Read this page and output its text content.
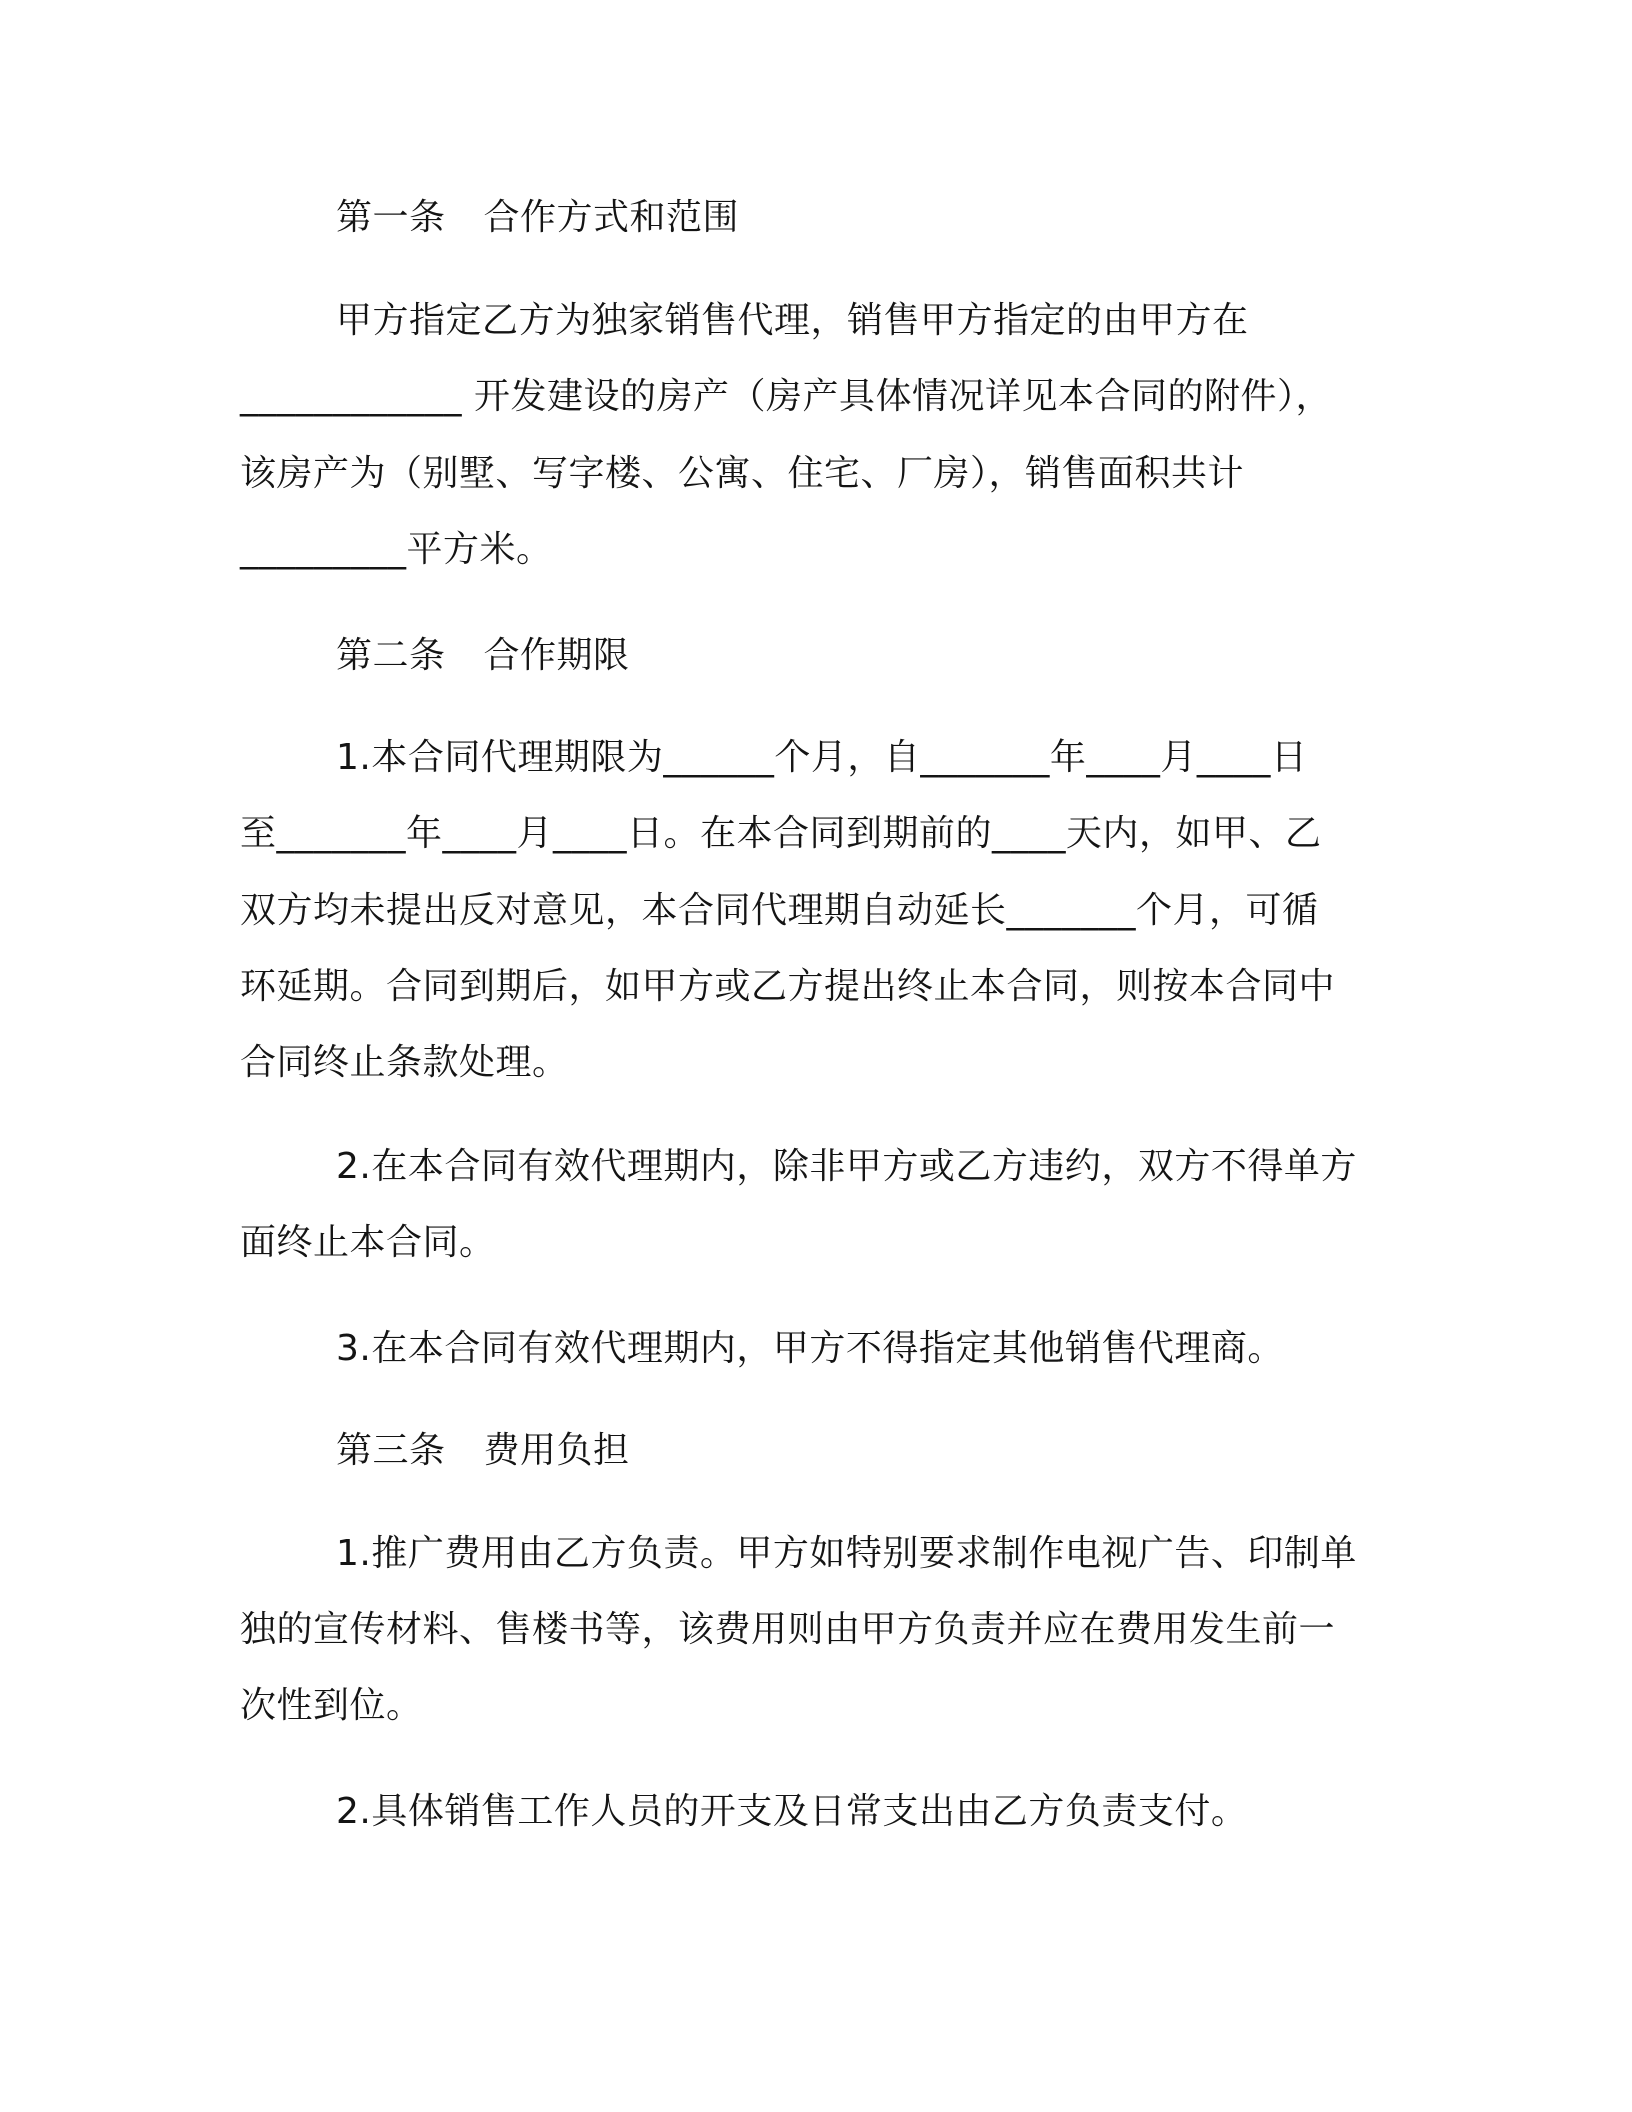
第一条 合作方式和范围
甲方指定乙方为独家销售代理，销售甲方指定的由甲方在
____________ 开发建设的房产（房产具体情况详见本合同的附件），
该房产为（别墅、写字楼、公寓、住宅、厂房），销售面积共计
_________平方米。
第二条 合作期限
1.本合同代理期限为______个月，自_______年____月____日
至_______年____月____日。在本合同到期前的____天内，如甲、乙
双方均未提出反对意见，本合同代理期自动延长_______个月，可循
环延期。合同到期后，如甲方或乙方提出终止本合同，则按本合同中
合同终止条款处理。
2.在本合同有效代理期内，除非甲方或乙方违约，双方不得单方
面终止本合同。
3.在本合同有效代理期内，甲方不得指定其他销售代理商。
第三条 费用负担
1.推广费用由乙方负责。甲方如特别要求制作电视广告、印制单
独的宣传材料、售楼书等，该费用则由甲方负责并应在费用发生前一
次性到位。
2.具体销售工作人员的开支及日常支出由乙方负责支付。
